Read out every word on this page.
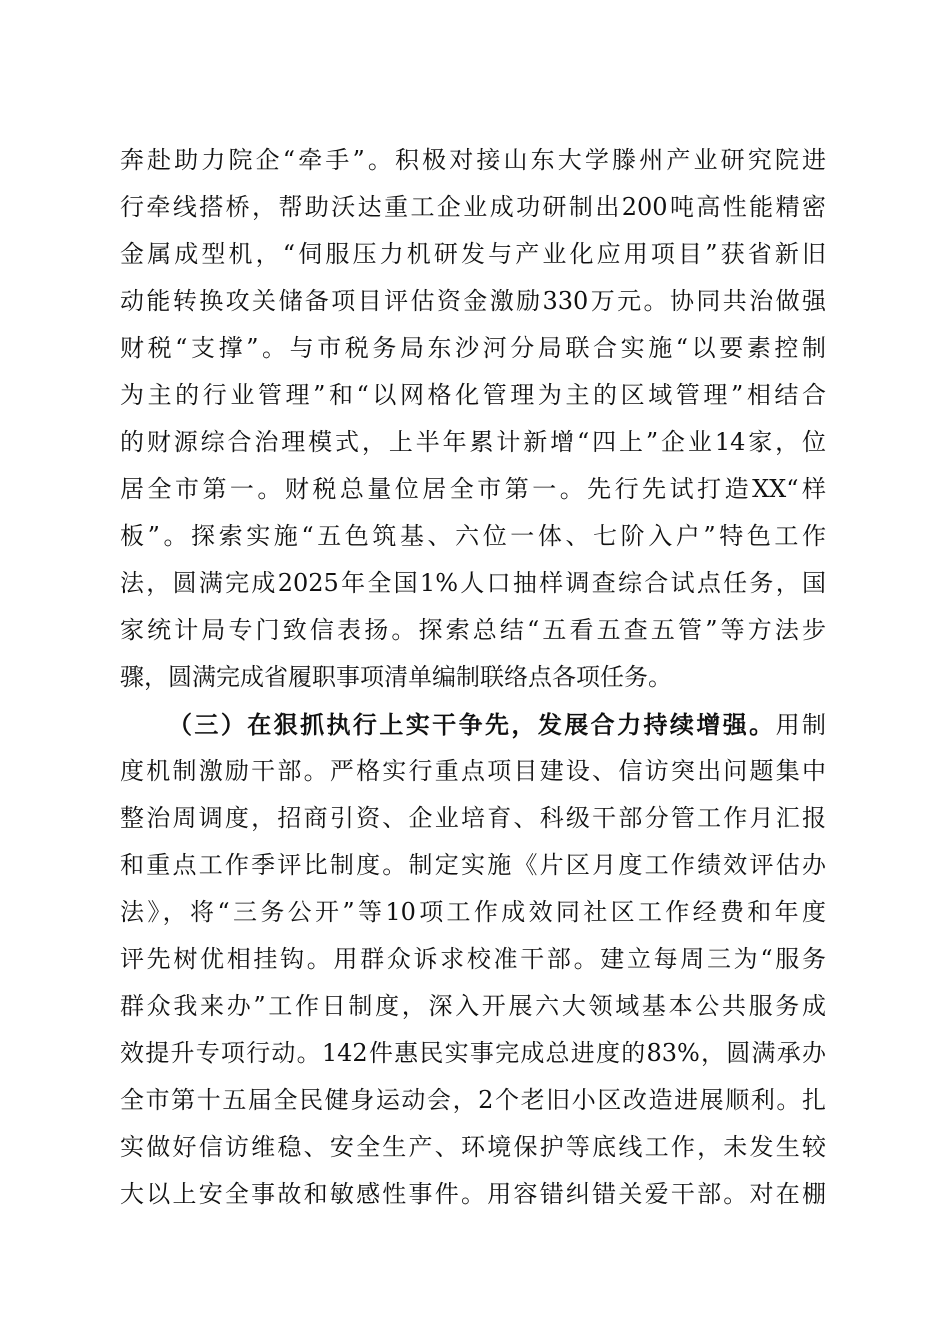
奔赴助力院企“牵手”。积极对接山东大学滕州产业研究院进
行牵线搭桥，帮助沃达重工企业成功研制出200吨高性能精密
金属成型机，“伺服压力机研发与产业化应用项目”获省新旧
动能转换攻关储备项目评估资金激励330万元。协同共治做强
财税“支撑”。与市税务局东沙河分局联合实施“以要素控制
为主的行业管理”和“以网格化管理为主的区域管理”相结合
的财源综合治理模式，上半年累计新增“四上”企业14家，位
居全市第一。财税总量位居全市第一。先行先试打造XX“样
板”。探索实施“五色筑基、六位一体、七阶入户”特色工作
法，圆满完成2025年全国1%人口抽样调查综合试点任务，国
家统计局专门致信表扬。探索总结“五看五查五管”等方法步
骤，圆满完成省履职事项清单编制联络点各项任务。
（三）在狠抓执行上实干争先，发展合力持续增强。用制
度机制激励干部。严格实行重点项目建设、信访突出问题集中
整治周调度，招商引资、企业培育、科级干部分管工作月汇报
和重点工作季评比制度。制定实施《片区月度工作绩效评估办
法》，将“三务公开”等10项工作成效同社区工作经费和年度
评先树优相挂钩。用群众诉求校准干部。建立每周三为“服务
群众我来办”工作日制度，深入开展六大领域基本公共服务成
效提升专项行动。142件惠民实事完成总进度的83%，圆满承办
全市第十五届全民健身运动会，2个老旧小区改造进展顺利。扎
实做好信访维稳、安全生产、环境保护等底线工作，未发生较
大以上安全事故和敏感性事件。用容错纠错关爱干部。对在棚
